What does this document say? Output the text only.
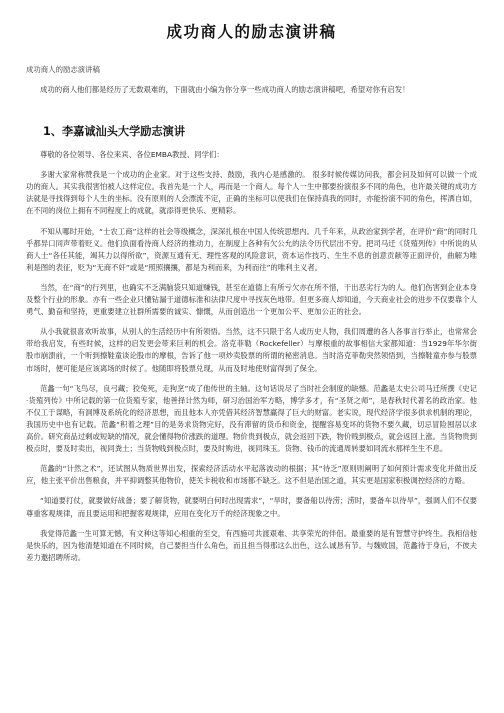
成功商人的励志演讲稿
成功商人的励志演讲稿

成功的商人他们都是经历了无数艰难的，下面就由小编为你分享一些成功商人的励志演讲稿吧，希望对你有启发！

1、李嘉诚汕头大学励志演讲

尊敬的各位领导、各位来宾、各位EMBA教授、同学们：

多谢大家常称赞我是一个成功的企业家。对于这些支持、鼓励，我内心是感激的。 很多时候传媒访问我，都会问及如何可以做一个成功的商人。其实我很害怕被人这样定位。我首先是一个人，再而是一个商人。每个人一生中都要扮演很多不同的角色，也许最关键的成功方法就是寻找得到每个人生的坐标。没有原则的人会漂流不定，正确的坐标可以使我们在保持真我的同时，亦能扮演不同的角色，挥洒自如，在不同的岗位上拥有不同程度上的成就，就添得更快乐、更精彩。

不知从哪时开始，“士农工商”这样的社会等级概念，深深扎根在中国人传统思想内。几千年来，从政治家到学者，在评价“商”的同时几乎都异口同声带着贬义。他们负面看待商人经济的推动力，在制度上各种有欠公允的法令历代层出不穷。把司马迁《货殖列传》中所说的从商人士“各任其能，竭其力以得所欲”，资源互通有无、理性客观的风险意识，资本运作技巧、生生不息的创意贡献等正面评价，曲解为唯利是图的表征，贬为“无商不奸”或是“照照攘攘，都是为利而来，为利而往”的唯利主义者。

当然，在“商”的行列里，也确实不乏满脑袋只知道赚钱，甚至在道德上有所亏欠亦在所不惜，干出恶劣行为的人。他们伤害到企业本身及整个行业的形象。亦有一些企业只懂钻漏于道德标准和法律尺度中寻找灰色地带。但更多商人却知道，今天商业社会的进步不仅要靠个人勇气、勤奋和坚持，更重要建立社群所需要的诚实、慷慨，从而创造出一个更加公平、更加公正的社会。

从小我就很喜欢听故事，从别人的生活经历中有所领悟。当然，这不只限于名人或历史人物，我们周遭的各人各事言行举止，也常常会带给我启发，有些时候，这样的启发更会带来巨利的机会。洛克菲勒（Rockefeller）与摩根重的故事相信大家都知道：当1929年华尔街股市崩溃前，一个听到擦鞋童谈论股市的摩根，告诉了他一项炒卖股票的所谓的秘密消息。当时洛克菲勒突然领悟到，当擦鞋童亦参与股票市场时，便可能是应该离场的时候了。他随即将股票兑现，从而及时地使财富得到了保全。

范蠡一句“飞鸟尽，良弓藏；狡兔死，走狗烹”成了他传世的主轴。这句话说尽了当时社会制度的缺憾。范蠡是太史公司马迁所撰《史记·货殖列传》中所记载的第一位货殖专家，他善择计然为师，研习治国治军方略，博学多才，有“圣贤之师”，是春秋时代著名的政治家。他不仅工于谋略，有洞博及系统化的经济思想，而且他本人亦凭借其经济智慧赢得了巨大的财富。老实说，现代经济学很多供求机制的理论，我国历史中也有记载。范蠡“积着之理”目的是务求货物完好，没有滞留的货币和资金，提醒容易变坏的货物不要久藏，切忌冒险囤居以求高价。研究商品过剩或短缺的情况，就会懂得物价涨跌的道理。物价贵到极点，就会返回下跌，物价贱到极点，就会返回上涨。当货物贵到极点时，要及时卖出，视同粪土；当货物贱到极点时，要及时购进，视同珠玉。货物、钱币的流通周转要如同流水那样生生不息。

范蠡的“计然之术”，还试图从物质世界出发，探索经济活动水平起落波动的根据；其“待乏”原则则阐明了如何预计需求变化并做出反应，他主张平价出售粮食，并平抑调整其他物价，使关卡税收和市场都不缺乏。这不但是治国之道，其实更是国家积极调控经济的方略。

“知道要打仗，就要做好战备；要了解货物，就要明白何时出现需求”，“旱时，要备船以待涝；涝时，要备车以待旱”，强调人们不仅要尊重客观规律，而且要运用和把握客观规律，应用在变化万千的经济现象之中。

我觉得范蠡一生可算无憾，有文种这等知心相重的至交，有西施可共渡艰难、共享荣光的伴侣。最重要的是有智慧守护终生。我相信他是快乐的，因为他清楚知道在不同时候，自己要担当什么角色，而且担当得那这么出色，这么诚恳有节。与魏败国，范蠡待于身后，不彼夫差力邀招聘所动。
